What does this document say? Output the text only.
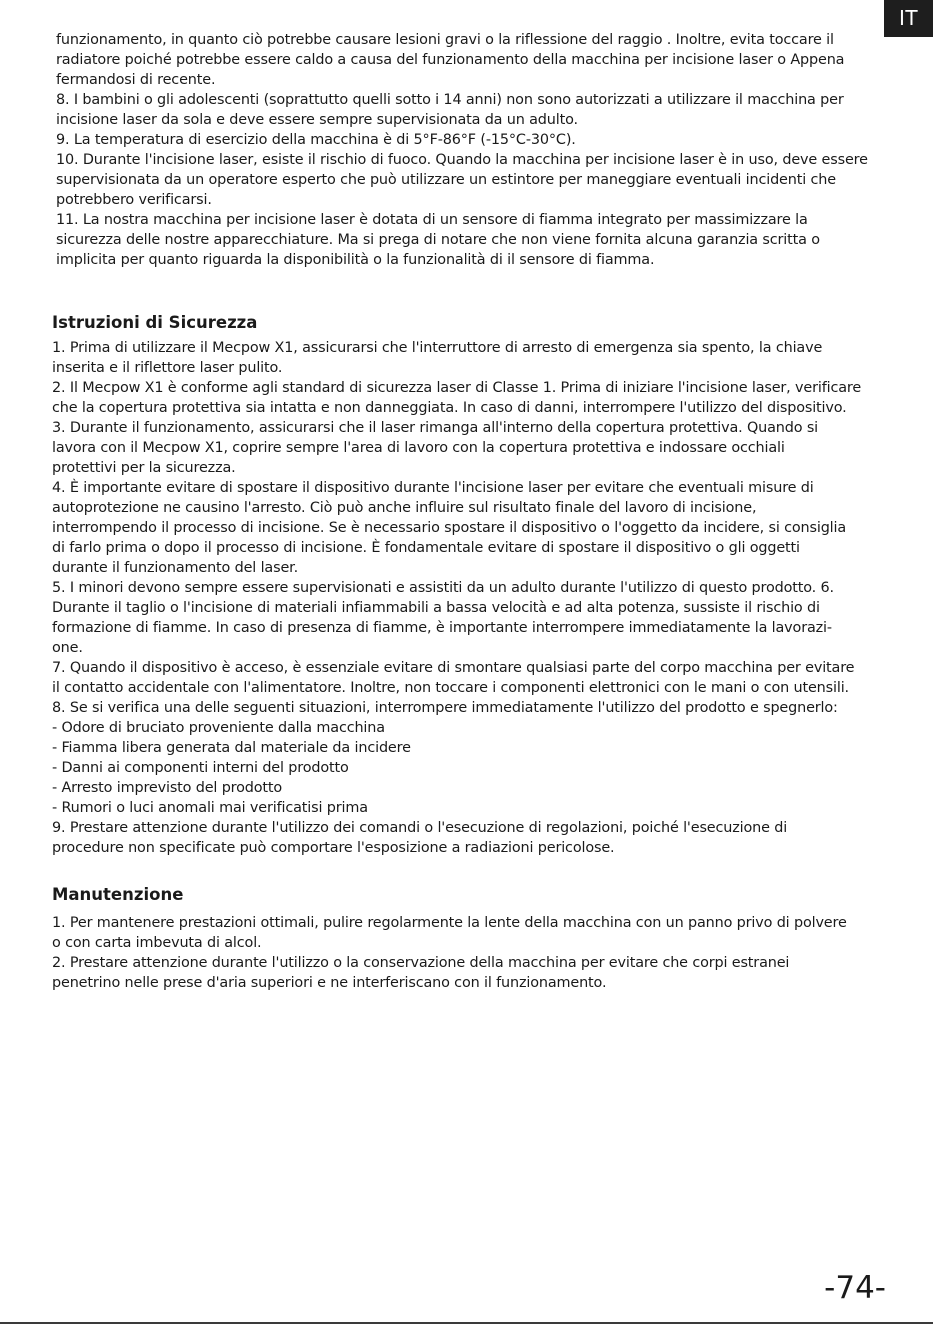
IT
funzionamento, in quanto ciò potrebbe causare lesioni gravi o la riflessione del raggio . Inoltre, evita toccare il
radiatore poiché potrebbe essere caldo a causa del funzionamento della macchina per incisione laser o Appena
fermandosi di recente.
8. I bambini o gli adolescenti (soprattutto quelli sotto i 14 anni) non sono autorizzati a utilizzare il macchina per
incisione laser da sola e deve essere sempre supervisionata da un adulto.
9. La temperatura di esercizio della macchina è di 5°F-86°F (-15°C-30°C).
10. Durante l'incisione laser, esiste il rischio di fuoco. Quando la macchina per incisione laser è in uso, deve essere
supervisionata da un operatore esperto che può utilizzare un estintore per maneggiare eventuali incidenti che
potrebbero verificarsi.
11. La nostra macchina per incisione laser è dotata di un sensore di fiamma integrato per massimizzare la
sicurezza delle nostre apparecchiature. Ma si prega di notare che non viene fornita alcuna garanzia scritta o
implicita per quanto riguarda la disponibilità o la funzionalità di il sensore di fiamma.
Istruzioni di Sicurezza
1. Prima di utilizzare il Mecpow X1, assicurarsi che l'interruttore di arresto di emergenza sia spento, la chiave
inserita e il riflettore laser pulito.
2. Il Mecpow X1 è conforme agli standard di sicurezza laser di Classe 1. Prima di iniziare l'incisione laser, verificare
che la copertura protettiva sia intatta e non danneggiata. In caso di danni, interrompere l'utilizzo del dispositivo.
3. Durante il funzionamento, assicurarsi che il laser rimanga all'interno della copertura protettiva. Quando si
lavora con il Mecpow X1, coprire sempre l'area di lavoro con la copertura protettiva e indossare occhiali
protettivi per la sicurezza.
4. È importante evitare di spostare il dispositivo durante l'incisione laser per evitare che eventuali misure di
autoprotezione ne causino l'arresto. Ciò può anche influire sul risultato finale del lavoro di incisione,
interrompendo il processo di incisione. Se è necessario spostare il dispositivo o l'oggetto da incidere, si consiglia
di farlo prima o dopo il processo di incisione. È fondamentale evitare di spostare il dispositivo o gli oggetti
durante il funzionamento del laser.
5. I minori devono sempre essere supervisionati e assistiti da un adulto durante l'utilizzo di questo prodotto. 6.
Durante il taglio o l'incisione di materiali infiammabili a bassa velocità e ad alta potenza, sussiste il rischio di
formazione di fiamme. In caso di presenza di fiamme, è importante interrompere immediatamente la lavorazi-
one.
7. Quando il dispositivo è acceso, è essenziale evitare di smontare qualsiasi parte del corpo macchina per evitare
il contatto accidentale con l'alimentatore. Inoltre, non toccare i componenti elettronici con le mani o con utensili.
8. Se si verifica una delle seguenti situazioni, interrompere immediatamente l'utilizzo del prodotto e spegnerlo:
- Odore di bruciato proveniente dalla macchina
- Fiamma libera generata dal materiale da incidere
- Danni ai componenti interni del prodotto
- Arresto imprevisto del prodotto
- Rumori o luci anomali mai verificatisi prima
9. Prestare attenzione durante l'utilizzo dei comandi o l'esecuzione di regolazioni, poiché l'esecuzione di
procedure non specificate può comportare l'esposizione a radiazioni pericolose.
Manutenzione
1. Per mantenere prestazioni ottimali, pulire regolarmente la lente della macchina con un panno privo di polvere
o con carta imbevuta di alcol.
2. Prestare attenzione durante l'utilizzo o la conservazione della macchina per evitare che corpi estranei
penetrino nelle prese d'aria superiori e ne interferiscano con il funzionamento.
-74-
